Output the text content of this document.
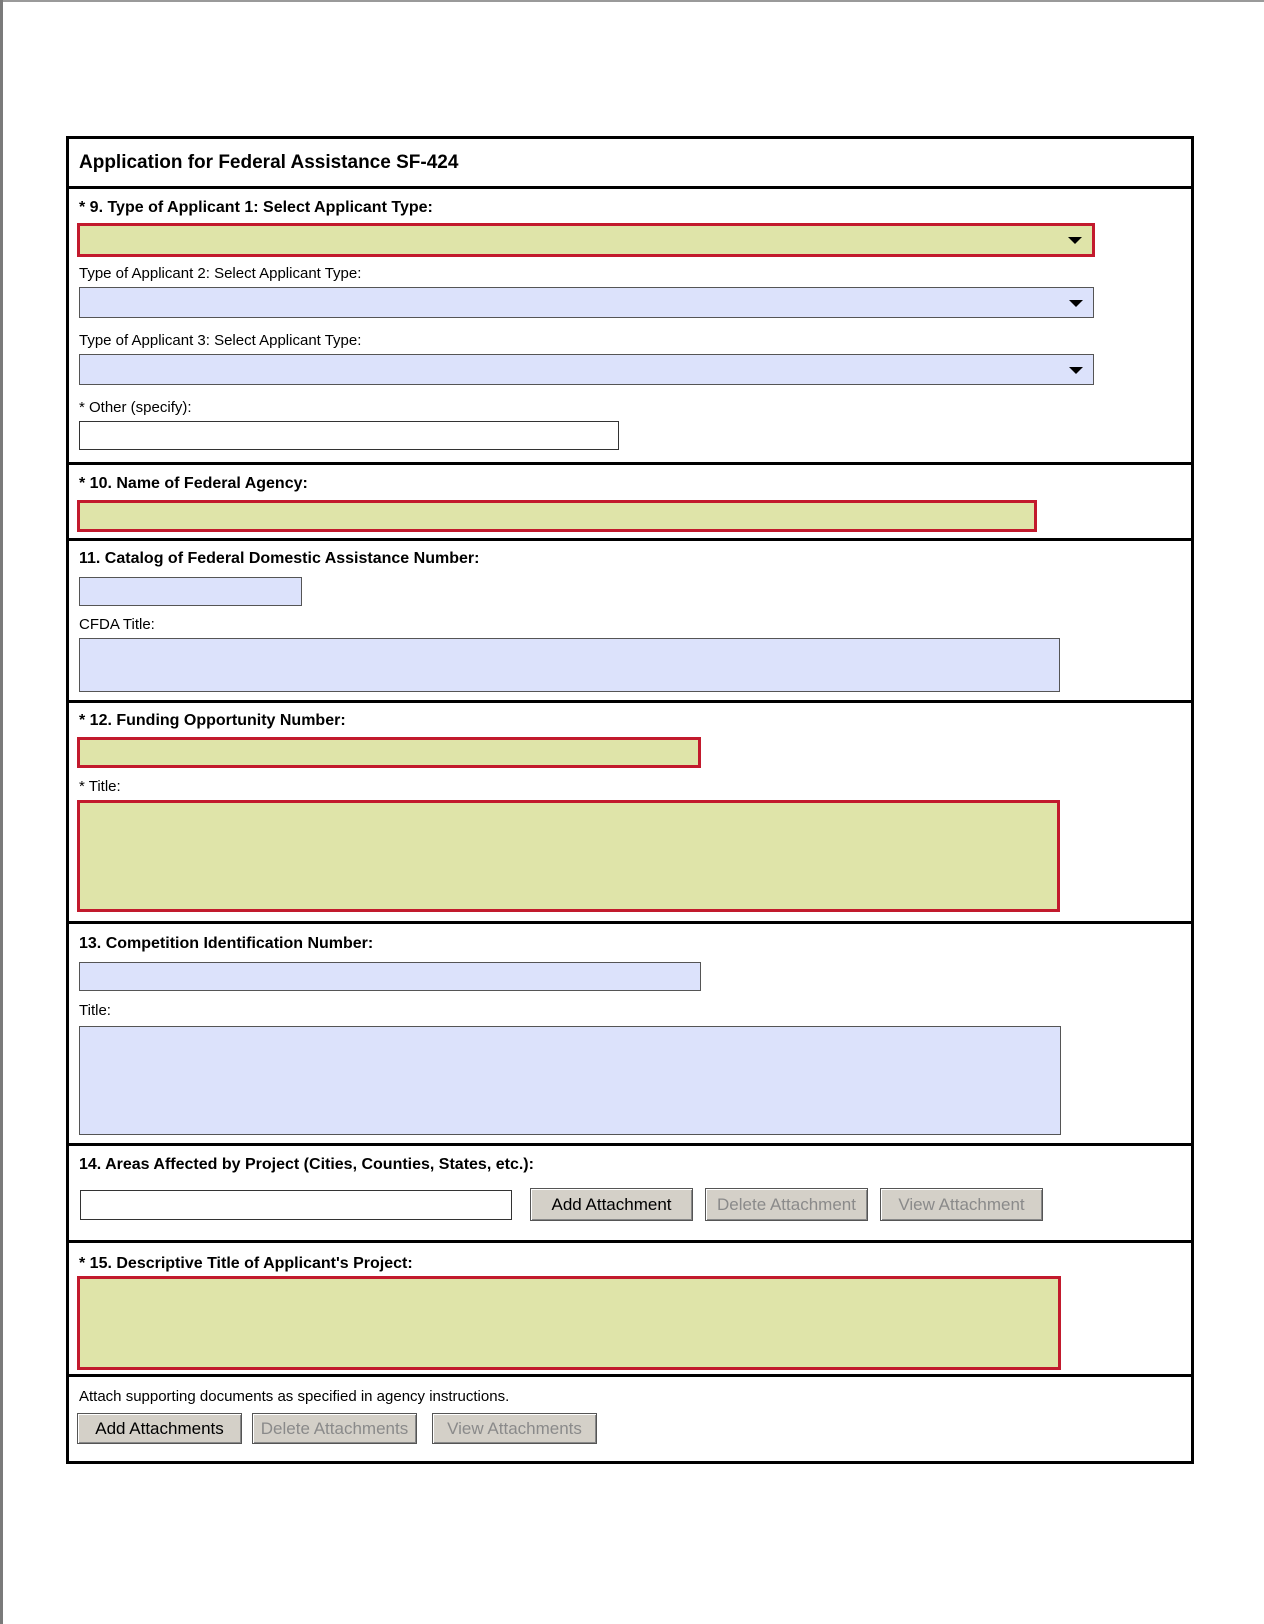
Application for Federal Assistance SF-424
* 9. Type of Applicant 1: Select Applicant Type:
Type of Applicant 2: Select Applicant Type:
Type of Applicant 3: Select Applicant Type:
* Other (specify):
* 10. Name of Federal Agency:
11. Catalog of Federal Domestic Assistance Number:
CFDA Title:
* 12. Funding Opportunity Number:
* Title:
13. Competition Identification Number:
Title:
14. Areas Affected by Project (Cities, Counties, States, etc.):
Add Attachment	Delete Attachment	View Attachment
* 15. Descriptive Title of Applicant's Project:
Attach supporting documents as specified in agency instructions.
Add Attachments	Delete Attachments	View Attachments
